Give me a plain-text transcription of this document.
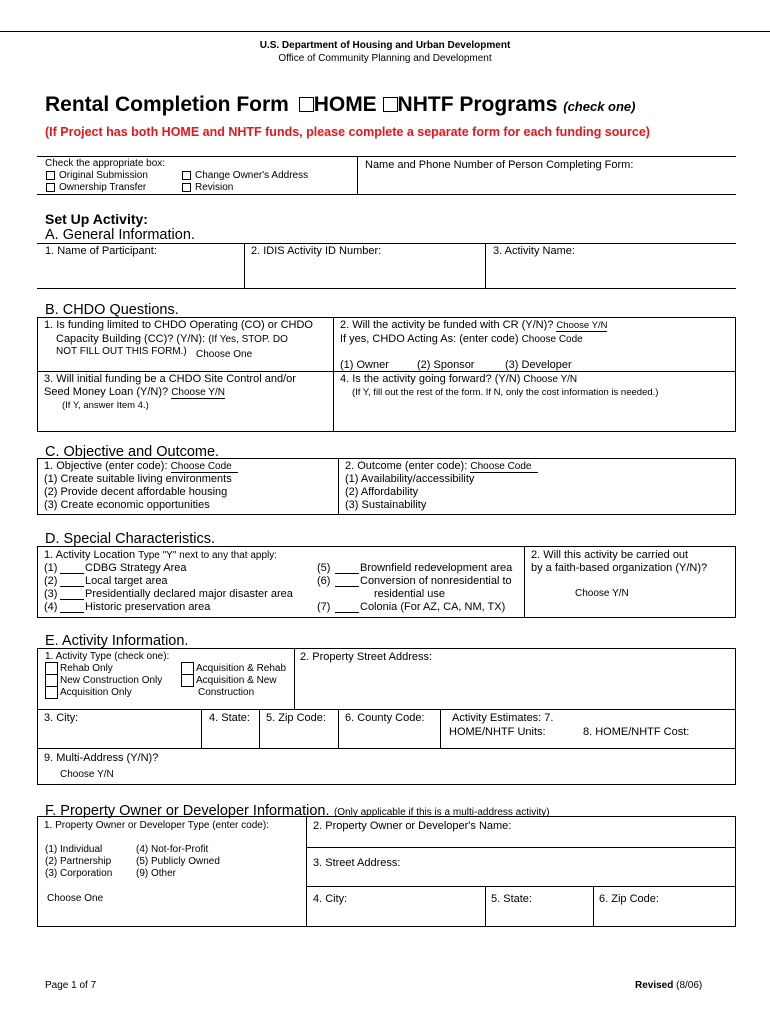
U.S. Department of Housing and Urban Development
Office of Community Planning and Development
Rental Completion Form HOME NHTF Programs (check one)
(If Project has both HOME and NHTF funds, please complete a separate form for each funding source)
Check the appropriate box:
Original Submission
Ownership Transfer
Change Owner's Address
Revision
Name and Phone Number of Person Completing Form:
Set Up Activity:
A. General Information.
1. Name of Participant:	2. IDIS Activity ID Number:	3. Activity Name:
B. CHDO Questions.
1. Is funding limited to CHDO Operating (CO) or CHDO
Capacity Building (CC)? (Y/N): (If Yes, STOP. DO
NOT FILL OUT THIS FORM.) Choose One
2. Will the activity be funded with CR (Y/N)? Choose Y/N
If yes, CHDO Acting As: (enter code) Choose Code
(1) Owner	(2) Sponsor	(3) Developer
3. Will initial funding be a CHDO Site Control and/or
Seed Money Loan (Y/N)? Choose Y/N
(If Y, answer Item 4.)
4. Is the activity going forward? (Y/N) Choose Y/N
(If Y, fill out the rest of the form. If N, only the cost information is needed.)
C. Objective and Outcome.
1. Objective (enter code): Choose Code
(1) Create suitable living environments
(2) Provide decent affordable housing
(3) Create economic opportunities
2. Outcome (enter code): Choose Code
(1) Availability/accessibility
(2) Affordability
(3) Sustainability
D. Special Characteristics.
1. Activity Location Type "Y" next to any that apply:
(1)	CDBG Strategy Area
(2)	Local target area
(3)	Presidentially declared major disaster area
(4)	Historic preservation area
(5)	Brownfield redevelopment area
(6)	Conversion of nonresidential to
residential use
(7)	Colonia (For AZ, CA, NM, TX)
2. Will this activity be carried out
by a faith-based organization (Y/N)?
Choose Y/N
E. Activity Information.
1. Activity Type (check one):
Rehab Only
New Construction Only
Acquisition Only
Acquisition & Rehab
Acquisition & New
Construction
2. Property Street Address:
3. City:	4. State: 5. Zip Code: 6. County Code:	Activity Estimates: 7.
HOME/NHTF Units:	8. HOME/NHTF Cost:
9. Multi-Address (Y/N)?
Choose Y/N
F. Property Owner or Developer Information. (Only applicable if this is a multi-address activity)
1. Property Owner or Developer Type (enter code):
(1) Individual
(2) Partnership
(3) Corporation
(4) Not-for-Profit
(5) Publicly Owned
(9) Other
Choose One
2. Property Owner or Developer's Name:
3. Street Address:
4. City:	5. State:	6. Zip Code:
Page 1 of 7	Revised (8/06)
